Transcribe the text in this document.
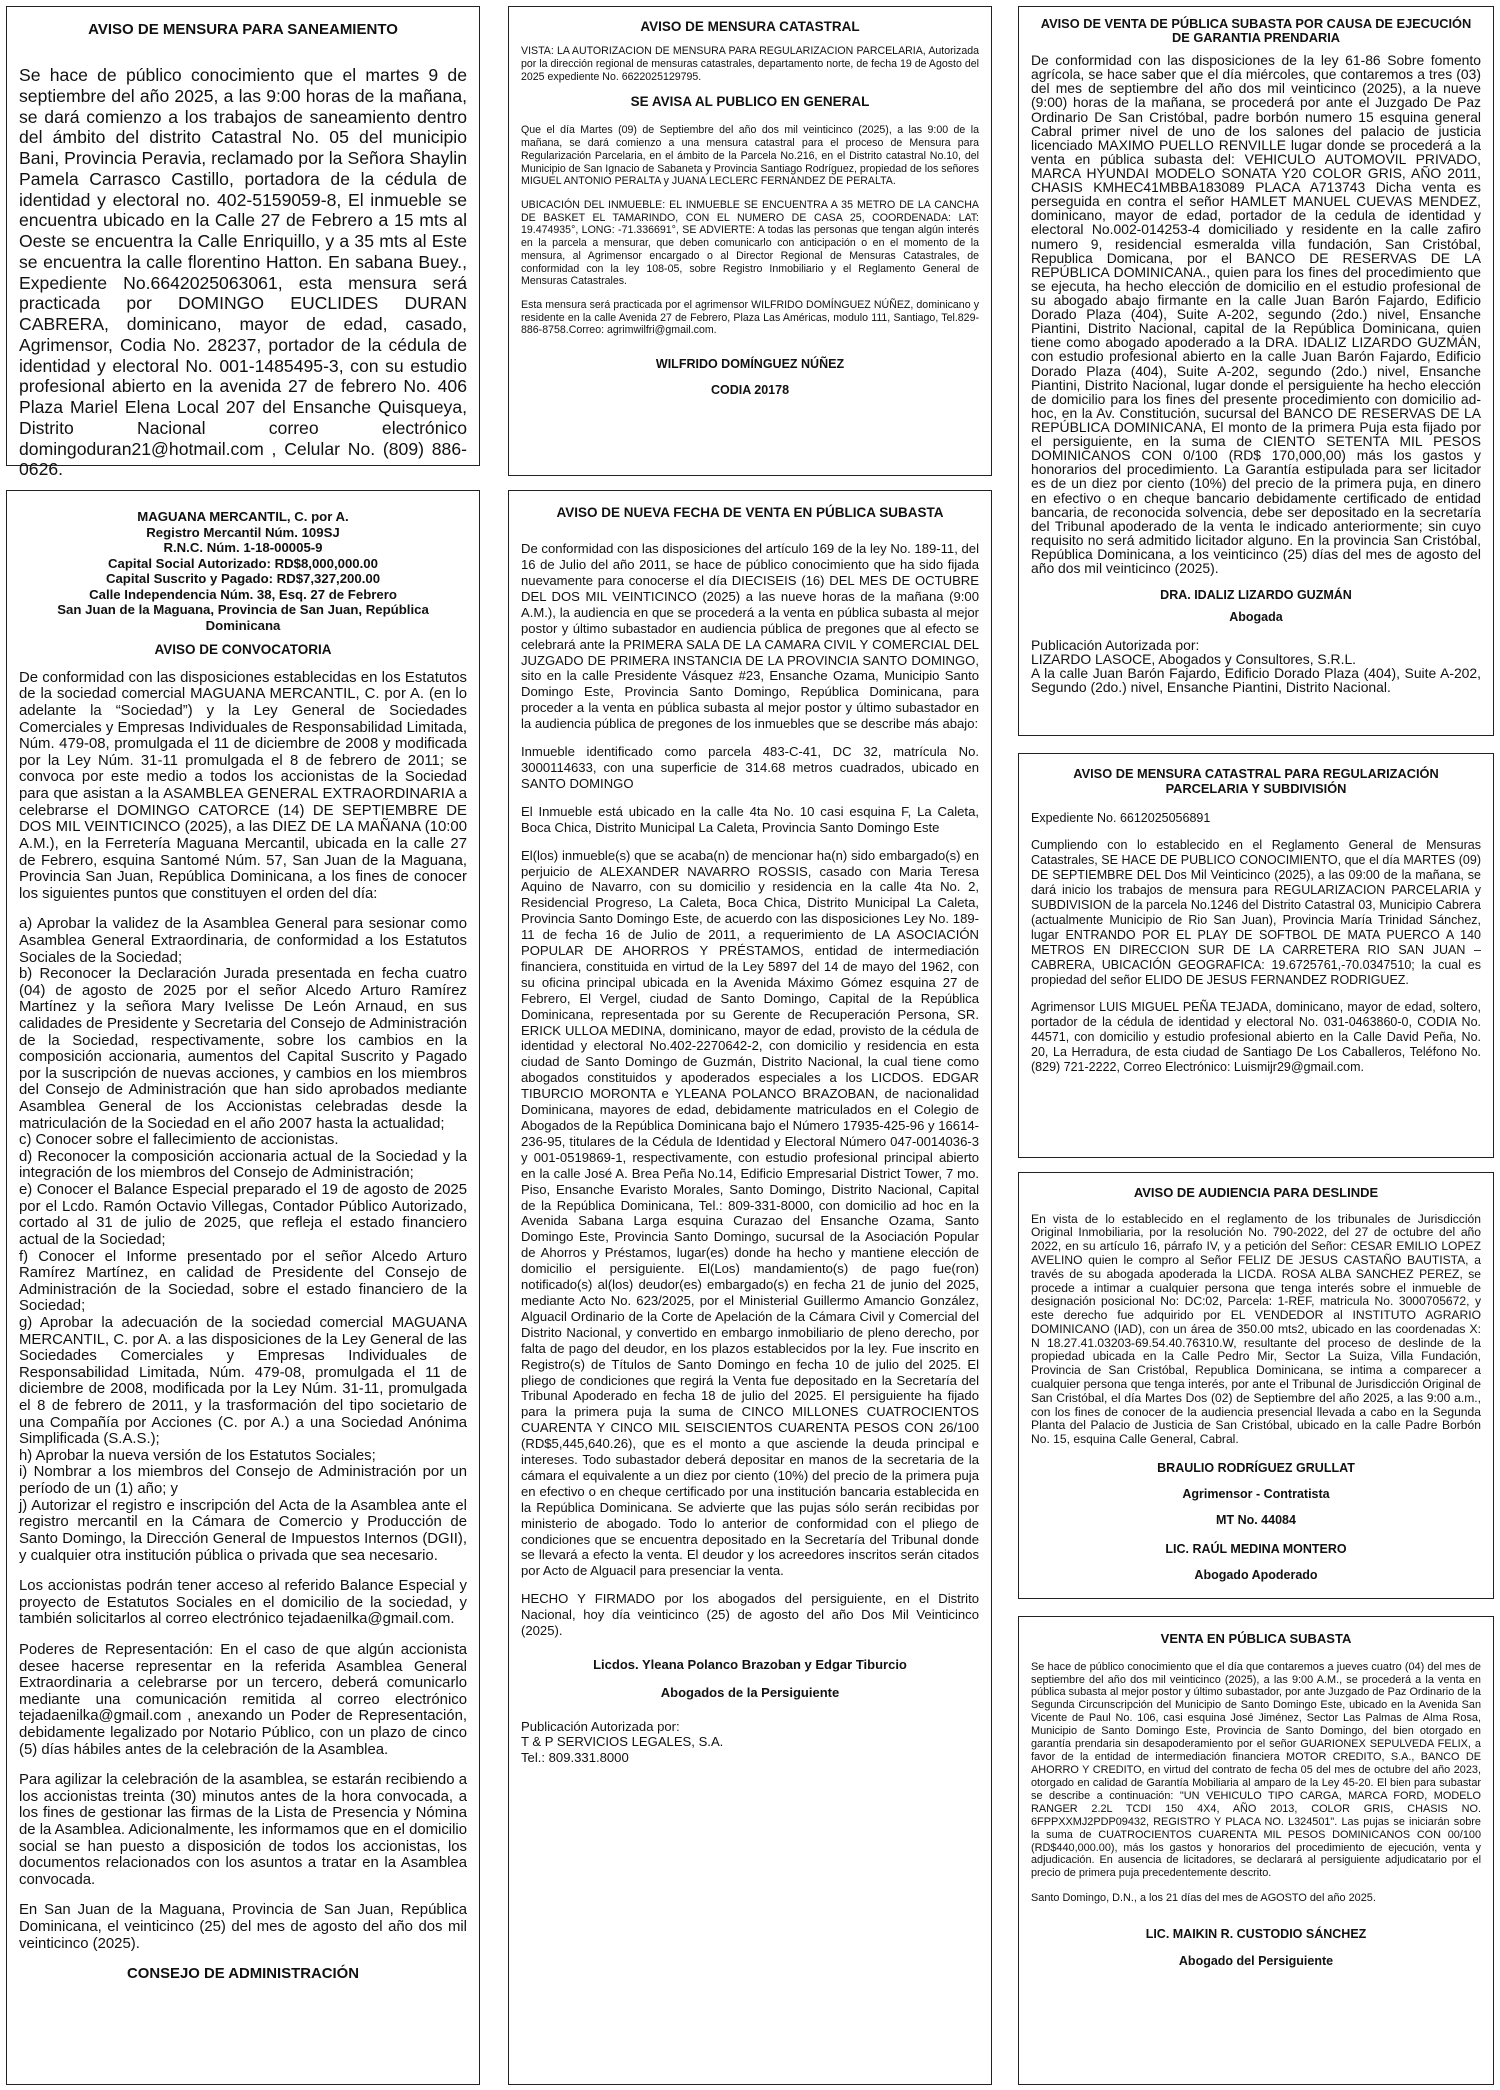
AVISO DE MENSURA PARA SANEAMIENTO

Se hace de público conocimiento que el martes 9 de septiembre del año 2025, a las 9:00 horas de la mañana, se dará comienzo a los trabajos de saneamiento dentro del ámbito del distrito Catastral No. 05 del municipio Bani, Provincia Peravia, reclamado por la Señora Shaylin Pamela Carrasco Castillo, portadora de la cédula de identidad y electoral no. 402-5159059-8, El inmueble se encuentra ubicado en la Calle 27 de Febrero a 15 mts al Oeste se encuentra la Calle Enriquillo, y a 35 mts al Este se encuentra la calle florentino Hatton. En sabana Buey., Expediente No.6642025063061, esta mensura será practicada por DOMINGO EUCLIDES DURAN CABRERA, dominicano, mayor de edad, casado, Agrimensor, Codia No. 28237, portador de la cédula de identidad y electoral No. 001-1485495-3, con su estudio profesional abierto en la avenida 27 de febrero No. 406 Plaza Mariel Elena Local 207 del Ensanche Quisqueya, Distrito Nacional correo electrónico domingoduran21@hotmail.com , Celular No. (809) 886-0626.

MAGUANA MERCANTIL, C. por A.

Registro Mercantil Núm. 109SJ

R.N.C. Núm. 1-18-00005-9

Capital Social Autorizado: RD$8,000,000.00

Capital Suscrito y Pagado: RD$7,327,200.00

Calle Independencia Núm. 38, Esq. 27 de Febrero

San Juan de la Maguana, Provincia de San Juan, República Dominicana

AVISO DE CONVOCATORIA

De conformidad con las disposiciones establecidas en los Estatutos de la sociedad comercial MAGUANA MERCANTIL, C. por A. (en lo adelante la “Sociedad”) y la Ley General de Sociedades Comerciales y Empresas Individuales de Responsabilidad Limitada, Núm. 479-08, promulgada el 11 de diciembre de 2008 y modificada por la Ley Núm. 31-11 promulgada el 8 de febrero de 2011; se convoca por este medio a todos los accionistas de la Sociedad para que asistan a la ASAMBLEA GENERAL EXTRAORDINARIA a celebrarse el DOMINGO CATORCE (14) DE SEPTIEMBRE DE DOS MIL VEINTICINCO (2025), a las DIEZ DE LA MAÑANA (10:00 A.M.), en la Ferretería Maguana Mercantil, ubicada en la calle 27 de Febrero, esquina Santomé Núm. 57, San Juan de la Maguana, Provincia San Juan, República Dominicana, a los fines de conocer los siguientes puntos que constituyen el orden del día:

a) Aprobar la validez de la Asamblea General para sesionar como Asamblea General Extraordinaria, de conformidad a los Estatutos Sociales de la Sociedad;

b) Reconocer la Declaración Jurada presentada en fecha cuatro (04) de agosto de 2025 por el señor Alcedo Arturo Ramírez Martínez y la señora Mary Ivelisse De León Arnaud, en sus calidades de Presidente y Secretaria del Consejo de Administración de la Sociedad, respectivamente, sobre los cambios en la composición accionaria, aumentos del Capital Suscrito y Pagado por la suscripción de nuevas acciones, y cambios en los miembros del Consejo de Administración que han sido aprobados mediante Asamblea General de los Accionistas celebradas desde la matriculación de la Sociedad en el año 2007 hasta la actualidad;

c) Conocer sobre el fallecimiento de accionistas.

d) Reconocer la composición accionaria actual de la Sociedad y la integración de los miembros del Consejo de Administración;

e) Conocer el Balance Especial preparado el 19 de agosto de 2025 por el Lcdo. Ramón Octavio Villegas, Contador Público Autorizado, cortado al 31 de julio de 2025, que refleja el estado financiero actual de la Sociedad;

f) Conocer el Informe presentado por el señor Alcedo Arturo Ramírez Martínez, en calidad de Presidente del Consejo de Administración de la Sociedad, sobre el estado financiero de la Sociedad;

g) Aprobar la adecuación de la sociedad comercial MAGUANA MERCANTIL, C. por A. a las disposiciones de la Ley General de las Sociedades Comerciales y Empresas Individuales de Responsabilidad Limitada, Núm. 479-08, promulgada el 11 de diciembre de 2008, modificada por la Ley Núm. 31-11, promulgada el 8 de febrero de 2011, y la trasformación del tipo societario de una Compañía por Acciones (C. por A.) a una Sociedad Anónima Simplificada (S.A.S.);

h) Aprobar la nueva versión de los Estatutos Sociales;

i) Nombrar a los miembros del Consejo de Administración por un período de un (1) año; y

j) Autorizar el registro e inscripción del Acta de la Asamblea ante el registro mercantil en la Cámara de Comercio y Producción de Santo Domingo, la Dirección General de Impuestos Internos (DGII), y cualquier otra institución pública o privada que sea necesario.

Los accionistas podrán tener acceso al referido Balance Especial y proyecto de Estatutos Sociales en el domicilio de la sociedad, y también solicitarlos al correo electrónico tejadaenilka@gmail.com.

Poderes de Representación: En el caso de que algún accionista desee hacerse representar en la referida Asamblea General Extraordinaria a celebrarse por un tercero, deberá comunicarlo mediante una comunicación remitida al correo electrónico tejadaenilka@gmail.com , anexando un Poder de Representación, debidamente legalizado por Notario Público, con un plazo de cinco (5) días hábiles antes de la celebración de la Asamblea.

Para agilizar la celebración de la asamblea, se estarán recibiendo a los accionistas treinta (30) minutos antes de la hora convocada, a los fines de gestionar las firmas de la Lista de Presencia y Nómina de la Asamblea. Adicionalmente, les informamos que en el domicilio social se han puesto a disposición de todos los accionistas, los documentos relacionados con los asuntos a tratar en la Asamblea convocada.

En San Juan de la Maguana, Provincia de San Juan, República Dominicana, el veinticinco (25) del mes de agosto del año dos mil veinticinco (2025).

CONSEJO DE ADMINISTRACIÓN

AVISO DE MENSURA CATASTRAL

VISTA: LA AUTORIZACION DE MENSURA PARA REGULARIZACION PARCELARIA, Autorizada por la dirección regional de mensuras catastrales, departamento norte, de fecha 19 de Agosto del 2025 expediente No. 6622025129795.

SE AVISA AL PUBLICO EN GENERAL

Que el día Martes (09) de Septiembre del año dos mil veinticinco (2025), a las 9:00 de la mañana, se dará comienzo a una mensura catastral para el proceso de Mensura para Regularización Parcelaria, en el ámbito de la Parcela No.216, en el Distrito catastral No.10, del Municipio de San Ignacio de Sabaneta y Provincia Santiago Rodríguez, propiedad de los señores MIGUEL ANTONIO PERALTA y JUANA LECLERC FERNANDEZ DE PERALTA.

UBICACIÓN DEL INMUEBLE: EL INMUEBLE SE ENCUENTRA A 35 METRO DE LA CANCHA DE BASKET EL TAMARINDO, CON EL NUMERO DE CASA 25, COORDENADA: LAT: 19.474935°, LONG: -71.336691°, SE ADVIERTE: A todas las personas que tengan algún interés en la parcela a mensurar, que deben comunicarlo con anticipación o en el momento de la mensura, al Agrimensor encargado o al Director Regional de Mensuras Catastrales, de conformidad con la ley 108-05, sobre Registro Inmobiliario y el Reglamento General de Mensuras Catastrales.

Esta mensura será practicada por el agrimensor WILFRIDO DOMÍNGUEZ NÚÑEZ, dominicano y residente en la calle Avenida 27 de Febrero, Plaza Las Américas, modulo 111, Santiago, Tel.829-886-8758.Correo: agrimwilfri@gmail.com.

WILFRIDO DOMÍNGUEZ NÚÑEZ

CODIA 20178

AVISO DE NUEVA FECHA DE VENTA EN PÚBLICA SUBASTA

De conformidad con las disposiciones del artículo 169 de la ley No. 189-11, del 16 de Julio del año 2011, se hace de público conocimiento que ha sido fijada nuevamente para conocerse el día DIECISEIS (16) DEL MES DE OCTUBRE DEL DOS MIL VEINTICINCO (2025) a las nueve horas de la mañana (9:00 A.M.), la audiencia en que se procederá a la venta en pública subasta al mejor postor y último subastador en audiencia pública de pregones que al efecto se celebrará ante la PRIMERA SALA DE LA CAMARA CIVIL Y COMERCIAL DEL JUZGADO DE PRIMERA INSTANCIA DE LA PROVINCIA SANTO DOMINGO, sito en la calle Presidente Vásquez #23, Ensanche Ozama, Municipio Santo Domingo Este, Provincia Santo Domingo, República Dominicana, para proceder a la venta en pública subasta al mejor postor y último subastador en la audiencia pública de pregones de los inmuebles que se describe más abajo:

Inmueble identificado como parcela 483-C-41, DC 32, matrícula No. 3000114633, con una superficie de 314.68 metros cuadrados, ubicado en SANTO DOMINGO

El Inmueble está ubicado en la calle 4ta No. 10 casi esquina F, La Caleta, Boca Chica, Distrito Municipal La Caleta, Provincia Santo Domingo Este

El(los) inmueble(s) que se acaba(n) de mencionar ha(n) sido embargado(s) en perjuicio de ALEXANDER NAVARRO ROSSIS, casado con Maria Teresa Aquino de Navarro, con su domicilio y residencia en la calle 4ta No. 2, Residencial Progreso, La Caleta, Boca Chica, Distrito Municipal La Caleta, Provincia Santo Domingo Este, de acuerdo con las disposiciones Ley No. 189-11 de fecha 16 de Julio de 2011, a requerimiento de LA ASOCIACIÓN POPULAR DE AHORROS Y PRÉSTAMOS, entidad de intermediación financiera, constituida en virtud de la Ley 5897 del 14 de mayo del 1962, con su oficina principal ubicada en la Avenida Máximo Gómez esquina 27 de Febrero, El Vergel, ciudad de Santo Domingo, Capital de la República Dominicana, representada por su Gerente de Recuperación Persona, SR. ERICK ULLOA MEDINA, dominicano, mayor de edad, provisto de la cédula de identidad y electoral No.402-2270642-2, con domicilio y residencia en esta ciudad de Santo Domingo de Guzmán, Distrito Nacional, la cual tiene como abogados constituidos y apoderados especiales a los LICDOS. EDGAR TIBURCIO MORONTA e YLEANA POLANCO BRAZOBAN, de nacionalidad Dominicana, mayores de edad, debidamente matriculados en el Colegio de Abogados de la República Dominicana bajo el Número 17935-425-96 y 16614-236-95, titulares de la Cédula de Identidad y Electoral Número 047-0014036-3 y 001-0519869-1, respectivamente, con estudio profesional principal abierto en la calle José A. Brea Peña No.14, Edificio Empresarial District Tower, 7 mo. Piso, Ensanche Evaristo Morales, Santo Domingo, Distrito Nacional, Capital de la República Dominicana, Tel.: 809-331-8000, con domicilio ad hoc en la Avenida Sabana Larga esquina Curazao del Ensanche Ozama, Santo Domingo Este, Provincia Santo Domingo, sucursal de la Asociación Popular de Ahorros y Préstamos, lugar(es) donde ha hecho y mantiene elección de domicilio el persiguiente. El(Los) mandamiento(s) de pago fue(ron) notificado(s) al(los) deudor(es) embargado(s) en fecha 21 de junio del 2025, mediante Acto No. 623/2025, por el Ministerial Guillermo Amancio González, Alguacil Ordinario de la Corte de Apelación de la Cámara Civil y Comercial del Distrito Nacional, y convertido en embargo inmobiliario de pleno derecho, por falta de pago del deudor, en los plazos establecidos por la ley. Fue inscrito en Registro(s) de Títulos de Santo Domingo en fecha 10 de julio del 2025. El pliego de condiciones que regirá la Venta fue depositado en la Secretaría del Tribunal Apoderado en fecha 18 de julio del 2025. El persiguiente ha fijado para la primera puja la suma de CINCO MILLONES CUATROCIENTOS CUARENTA Y CINCO MIL SEISCIENTOS CUARENTA PESOS CON 26/100 (RD$5,445,640.26), que es el monto a que asciende la deuda principal e intereses. Todo subastador deberá depositar en manos de la secretaria de la cámara el equivalente a un diez por ciento (10%) del precio de la primera puja en efectivo o en cheque certificado por una institución bancaria establecida en la República Dominicana. Se advierte que las pujas sólo serán recibidas por ministerio de abogado. Todo lo anterior de conformidad con el pliego de condiciones que se encuentra depositado en la Secretaría del Tribunal donde se llevará a efecto la venta. El deudor y los acreedores inscritos serán citados por Acto de Alguacil para presenciar la venta.

HECHO Y FIRMADO por los abogados del persiguiente, en el Distrito Nacional, hoy día veinticinco (25) de agosto del año Dos Mil Veinticinco (2025).

Licdos. Yleana Polanco Brazoban y Edgar Tiburcio

Abogados de la Persiguiente

Publicación Autorizada por:

T & P SERVICIOS LEGALES, S.A.

Tel.: 809.331.8000

AVISO DE VENTA DE PÚBLICA SUBASTA POR CAUSA DE EJECUCIÓN DE GARANTIA PRENDARIA

De conformidad con las disposiciones de la ley 61-86 Sobre fomento agrícola, se hace saber que el día miércoles, que contaremos a tres (03) del mes de septiembre del año dos mil veinticinco (2025), a la nueve (9:00) horas de la mañana, se procederá por ante el Juzgado De Paz Ordinario De San Cristóbal, padre borbón numero 15 esquina general Cabral primer nivel de uno de los salones del palacio de justicia licenciado MAXIMO PUELLO RENVILLE lugar donde se procederá a la venta en pública subasta del: VEHICULO AUTOMOVIL PRIVADO, MARCA HYUNDAI MODELO SONATA Y20 COLOR GRIS, AÑO 2011, CHASIS KMHEC41MBBA183089 PLACA A713743 Dicha venta es perseguida en contra el señor HAMLET MANUEL CUEVAS MENDEZ, dominicano, mayor de edad, portador de la cedula de identidad y electoral No.002-014253-4 domiciliado y residente en la calle zafiro numero 9, residencial esmeralda villa fundación, San Cristóbal, Republica Domicana, por el BANCO DE RESERVAS DE LA REPÚBLICA DOMINICANA., quien para los fines del procedimiento que se ejecuta, ha hecho elección de domicilio en el estudio profesional de su abogado abajo firmante en la calle Juan Barón Fajardo, Edificio Dorado Plaza (404), Suite A-202, segundo (2do.) nivel, Ensanche Piantini, Distrito Nacional, capital de la República Dominicana, quien tiene como abogado apoderado a la DRA. IDALIZ LIZARDO GUZMÁN, con estudio profesional abierto en la calle Juan Barón Fajardo, Edificio Dorado Plaza (404), Suite A-202, segundo (2do.) nivel, Ensanche Piantini, Distrito Nacional, lugar donde el persiguiente ha hecho elección de domicilio para los fines del presente procedimiento con domicilio ad-hoc, en la Av. Constitución, sucursal del BANCO DE RESERVAS DE LA REPÚBLICA DOMINICANA, El monto de la primera Puja esta fijado por el persiguiente, en la suma de CIENTO SETENTA MIL PESOS DOMINICANOS CON 0/100 (RD$ 170,000,00) más los gastos y honorarios del procedimiento. La Garantía estipulada para ser licitador es de un diez por ciento (10%) del precio de la primera puja, en dinero en efectivo o en cheque bancario debidamente certificado de entidad bancaria, de reconocida solvencia, debe ser depositado en la secretaría del Tribunal apoderado de la venta le indicado anteriormente; sin cuyo requisito no será admitido licitador alguno. En la provincia San Cristóbal, República Dominicana, a los veinticinco (25) días del mes de agosto del año dos mil veinticinco (2025).

DRA. IDALIZ LIZARDO GUZMÁN

Abogada

Publicación Autorizada por:

LIZARDO LASOCE, Abogados y Consultores, S.R.L.

A la calle Juan Barón Fajardo, Edificio Dorado Plaza (404), Suite A-202, Segundo (2do.) nivel, Ensanche Piantini, Distrito Nacional.

AVISO DE MENSURA CATASTRAL PARA REGULARIZACIÓN PARCELARIA Y SUBDIVISIÓN

Expediente No. 6612025056891

Cumpliendo con lo establecido en el Reglamento General de Mensuras Catastrales, SE HACE DE PUBLICO CONOCIMIENTO, que el día MARTES (09) DE SEPTIEMBRE DEL Dos Mil Veinticinco (2025), a las 09:00 de la mañana, se dará inicio los trabajos de mensura para REGULARIZACION PARCELARIA y SUBDIVISION de la parcela No.1246 del Distrito Catastral 03, Municipio Cabrera (actualmente Municipio de Rio San Juan), Provincia María Trinidad Sánchez, lugar ENTRANDO POR EL PLAY DE SOFTBOL DE MATA PUERCO A 140 METROS EN DIRECCION SUR DE LA CARRETERA RIO SAN JUAN – CABRERA, UBICACIÓN GEOGRAFICA: 19.6725761,-70.0347510; la cual es propiedad del señor ELIDO DE JESUS FERNANDEZ RODRIGUEZ.

Agrimensor LUIS MIGUEL PEÑA TEJADA, dominicano, mayor de edad, soltero, portador de la cédula de identidad y electoral No. 031-0463860-0, CODIA No. 44571, con domicilio y estudio profesional abierto en la Calle David Peña, No. 20, La Herradura, de esta ciudad de Santiago De Los Caballeros, Teléfono No. (829) 721-2222, Correo Electrónico: Luismijr29@gmail.com.

AVISO DE AUDIENCIA PARA DESLINDE

En vista de lo establecido en el reglamento de los tribunales de Jurisdicción Original Inmobiliaria, por la resolución No. 790-2022, del 27 de octubre del año 2022, en su artículo 16, párrafo IV, y a petición del Señor: CESAR EMILIO LOPEZ AVELINO quien le compro al Señor FELIZ DE JESUS CASTAÑO BAUTISTA, a través de su abogada apoderada la LICDA. ROSA ALBA SANCHEZ PEREZ, se procede a intimar a cualquier persona que tenga interés sobre el inmueble de designación posicional No: DC:02, Parcela: 1-REF, matricula No. 3000705672, y este derecho fue adquirido por EL VENDEDOR al INSTITUTO AGRARIO DOMINICANO (IAD), con un área de 350.00 mts2, ubicado en las coordenadas X: N 18.27.41.03203-69.54.40.76310.W, resultante del proceso de deslinde de la propiedad ubicada en la Calle Pedro Mir, Sector La Suiza, Villa Fundación, Provincia de San Cristóbal, Republica Dominicana, se intima a comparecer a cualquier persona que tenga interés, por ante el Tribunal de Jurisdicción Original de San Cristóbal, el día Martes Dos (02) de Septiembre del año 2025, a las 9:00 a.m., con los fines de conocer de la audiencia presencial llevada a cabo en la Segunda Planta del Palacio de Justicia de San Cristóbal, ubicado en la calle Padre Borbón No. 15, esquina Calle General, Cabral.

BRAULIO RODRÍGUEZ GRULLAT

Agrimensor - Contratista

MT No. 44084

LIC. RAÚL MEDINA MONTERO

Abogado Apoderado

VENTA EN PÚBLICA SUBASTA

Se hace de público conocimiento que el día que contaremos a jueves cuatro (04) del mes de septiembre del año dos mil veinticinco (2025), a las 9:00 A.M., se procederá a la venta en pública subasta al mejor postor y último subastador, por ante Juzgado de Paz Ordinario de la Segunda Circunscripción del Municipio de Santo Domingo Este, ubicado en la Avenida San Vicente de Paul No. 106, casi esquina José Jiménez, Sector Las Palmas de Alma Rosa, Municipio de Santo Domingo Este, Provincia de Santo Domingo, del bien otorgado en garantía prendaria sin desapoderamiento por el señor GUARIONEX SEPULVEDA FELIX, a favor de la entidad de intermediación financiera MOTOR CREDITO, S.A., BANCO DE AHORRO Y CREDITO, en virtud del contrato de fecha 05 del mes de octubre del año 2023, otorgado en calidad de Garantía Mobiliaria al amparo de la Ley 45-20. El bien para subastar se describe a continuación: "UN VEHICULO TIPO CARGA, MARCA FORD, MODELO RANGER 2.2L TCDI 150 4X4, AÑO 2013, COLOR GRIS, CHASIS NO. 6FPPXXMJ2PDP09432, REGISTRO Y PLACA NO. L324501". Las pujas se iniciarán sobre la suma de CUATROCIENTOS CUARENTA MIL PESOS DOMINICANOS CON 00/100 (RD$440,000.00), más los gastos y honorarios del procedimiento de ejecución, venta y adjudicación. En ausencia de licitadores, se declarará al persiguiente adjudicatario por el precio de primera puja precedentemente descrito.

Santo Domingo, D.N., a los 21 días del mes de AGOSTO del año 2025.

LIC. MAIKIN R. CUSTODIO SÁNCHEZ

Abogado del Persiguiente
